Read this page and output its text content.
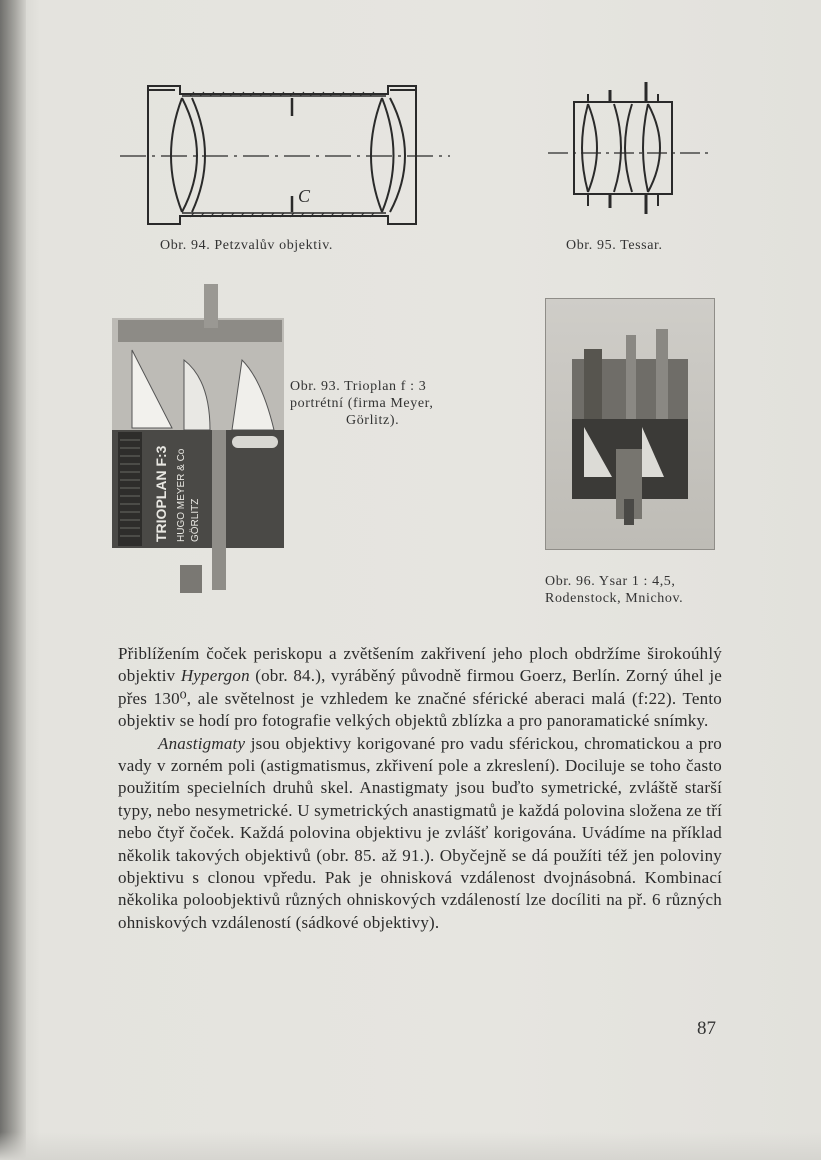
C
Obr. 94. Petzvalův objektiv.	Obr. 95. Tessar.
TRIOPLAN F:3 HUGO MEYER & Co GÖRLITZ
Obr. 93. Trioplan f : 3
portrétní (firma Meyer,
Görlitz).
Obr. 96. Ysar 1 : 4,5,
Rodenstock, Mnichov.

Přiblížením čoček periskopu a zvětšením zakřivení jeho ploch obdržíme širokoúhlý objektiv Hypergon (obr. 84.), vyráběný původně firmou Goerz, Berlín. Zorný úhel je přes 130⁰, ale světelnost je vzhledem ke značné sférické aberaci malá (f:22). Tento objektiv se hodí pro fotografie velkých objektů zblízka a pro panoramatické snímky.

Anastigmaty jsou objektivy korigované pro vadu sférickou, chromatickou a pro vady v zorném poli (astigmatismus, zkřivení pole a zkreslení). Dociluje se toho často použitím specielních druhů skel. Anastigmaty jsou buďto symetrické, zvláště starší typy, nebo nesymetrické. U symetrických anastigmatů je každá polovina složena ze tří nebo čtyř čoček. Každá polovina objektivu je zvlášť korigována. Uvádíme na příklad několik takových objektivů (obr. 85. až 91.). Obyčejně se dá použíti též jen poloviny objektivu s clonou vpředu. Pak je ohnisková vzdálenost dvojnásobná. Kombinací několika poloobjektivů různých ohniskových vzdáleností lze docíliti na př. 6 různých ohniskových vzdáleností (sádkové objektivy).

87
